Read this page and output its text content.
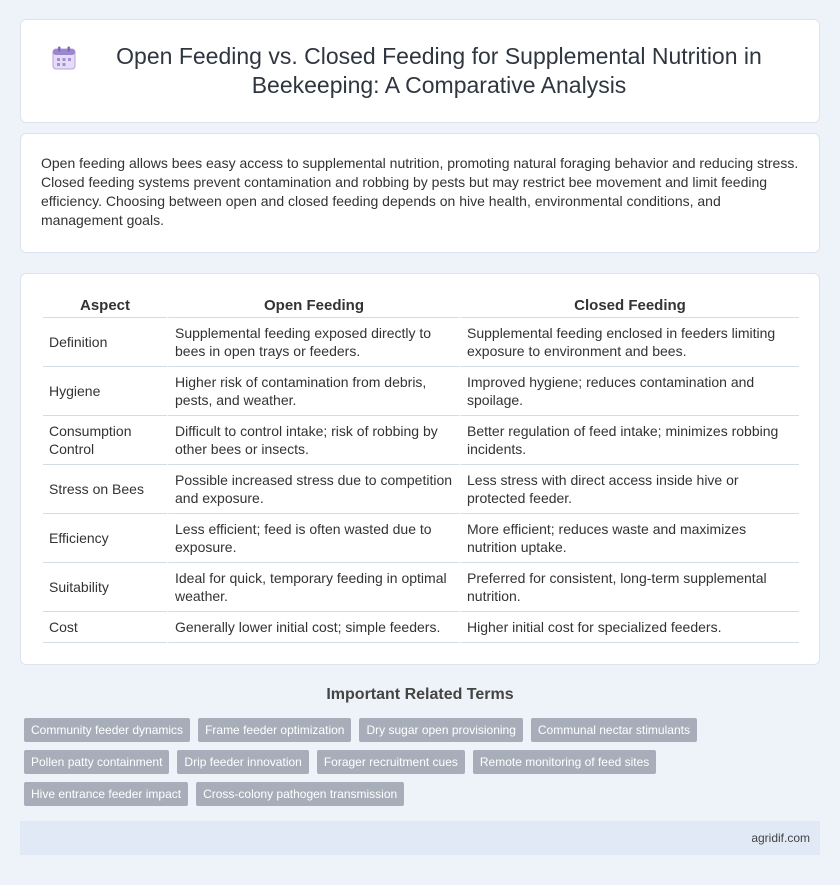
Open Feeding vs. Closed Feeding for Supplemental Nutrition in Beekeeping: A Comparative Analysis

Open feeding allows bees easy access to supplemental nutrition, promoting natural foraging behavior and reducing stress. Closed feeding systems prevent contamination and robbing by pests but may restrict bee movement and limit feeding efficiency. Choosing between open and closed feeding depends on hive health, environmental conditions, and management goals.

Aspect	Open Feeding	Closed Feeding
Definition	Supplemental feeding exposed directly to bees in open trays or feeders.	Supplemental feeding enclosed in feeders limiting exposure to environment and bees.
Hygiene	Higher risk of contamination from debris, pests, and weather.	Improved hygiene; reduces contamination and spoilage.
Consumption Control	Difficult to control intake; risk of robbing by other bees or insects.	Better regulation of feed intake; minimizes robbing incidents.
Stress on Bees	Possible increased stress due to competition and exposure.	Less stress with direct access inside hive or protected feeder.
Efficiency	Less efficient; feed is often wasted due to exposure.	More efficient; reduces waste and maximizes nutrition uptake.
Suitability	Ideal for quick, temporary feeding in optimal weather.	Preferred for consistent, long-term supplemental nutrition.
Cost	Generally lower initial cost; simple feeders.	Higher initial cost for specialized feeders.
Important Related Terms
Community feeder dynamics	Frame feeder optimization	Dry sugar open provisioning	Communal nectar stimulants
Pollen patty containment	Drip feeder innovation	Forager recruitment cues	Remote monitoring of feed sites
Hive entrance feeder impact	Cross-colony pathogen transmission
agridif.com
